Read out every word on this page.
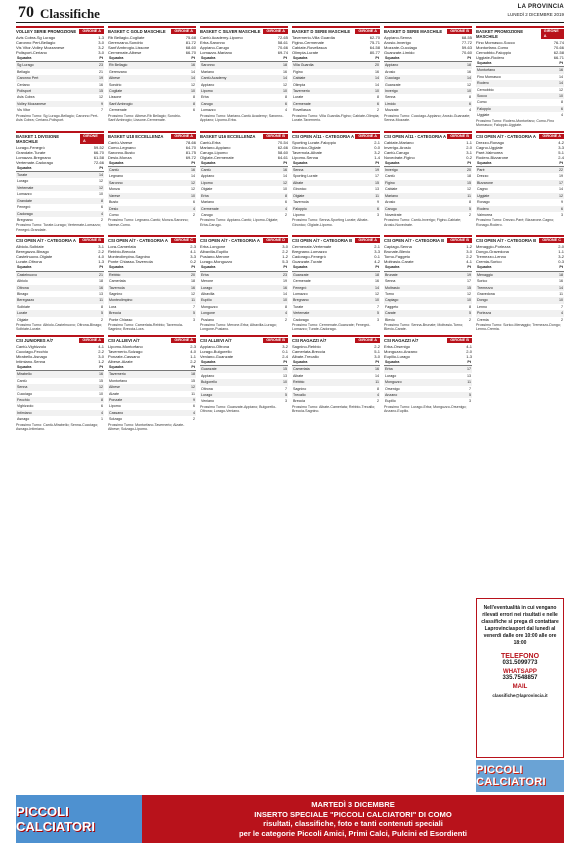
70 Classifiche	LA PROVINCIA
LUNEDÌ 2 DICEMBRE 2019
VOLLEY SERIE PROMOZIONE	GIRONE A
Avis Cobra-Sg Lurago	1-3
Caronno Pert-Bellagio	3-0
Vis Vitor-Volley Mozzanese	3-2
Polisport-Ceriano	3-0
Squadra	Pt
Sg Lurago	23
Bellagio	21
Caronno Pert	19
Ceriano	16
Polisport	15
Avis Cobra	12
Volley Mozzanese	9
Vis Vitor	7
Prossimo Turno: Sg Lurago-Bellagio; Caronno Pert-Avis Cobra; Ceriano-Polisport.
BASKET C GOLD MASCHILE	GIRONE A
Rb Bellagio-Cogliate	75-68
Gerenzano-Sondrio	81-72
Sant'Ambrogio-Lissone	68-60
Cermenate-Albese	66-70
Squadra	Pt
Rb Bellagio	16
Gerenzano	14
Albese	14
Sondrio	12
Cogliate	10
Lissone	8
Sant'Ambrogio	8
Cermenate	6
Prossimo Turno: Albese-Rb Bellagio; Sondrio-Sant'Ambrogio; Lissone-Cermenate.
BASKET C SILVER MASCHILE	GIRONE A
Cantù Academy-Lipomo	72-65
Erba-Saronno	58-61
Appiano-Carugo	70-66
Lomazzo-Mariano	69-74
Squadra	Pt
Saronno	18
Mariano	16
Cantù Academy	14
Appiano	12
Lipomo	10
Erba	8
Carugo	6
Lomazzo	4
Prossimo Turno: Mariano-Cantù Academy; Saronno-Appiano; Lipomo-Erba.
BASKET D SERIE MASCHILE	GIRONE A
Tavernerio-Villa Guardia	62-70
Figino-Cermenate	75-71
Cabiate-Rovellasca	64-58
Olimpia-Lurate	80-77
Squadra	Pt
Villa Guardia	20
Figino	16
Cabiate	14
Olimpia	14
Tavernerio	10
Lurate	8
Cermenate	6
Rovellasca	2
Prossimo Turno: Villa Guardia-Figino; Cabiate-Olimpia; Lurate-Tavernerio.
BASKET D SERIE MASCHILE	GIRONE B
Appiano-Senna	68-55
Arosio-Inverigo	77-72
Mozzate-Cucciago	59-63
Guanzate-Limido	70-60
Squadra	Pt
Appiano	18
Arosio	16
Cucciago	14
Guanzate	12
Inverigo	10
Senna	8
Limido	6
Mozzate	4
Prossimo Turno: Cucciago-Appiano; Arosio-Guanzate; Senna-Mozzate.
BASKET PROMOZIONE MASCHILE
GIRONE A
Fino Mornasco-Socco	76-74
Montorfano-Como	70-66
Cernobbio-Faloppio	62-58
Uggiate-Rodero	66-71
Squadra	Pt
Montorfano	16
Fino Mornasco	14
Rodero	14
Cernobbio	12
Socco	10
Como	8
Faloppio	6
Uggiate	4
Prossimo Turno: Rodero-Montorfano; Como-Fino Mornasco; Faloppio-Uggiate.
BASKET 1 DIVISIONE MASCHILE
GIRONE A
Lurago-Fenegrò	59-52
Grandate-Turate	66-70
Lomazzo-Bregnano	61-58
Vertemate-Cadorago	72-66
Squadra	Pt
Turate	14
Lurago	12
Vertemate	12
Lomazzo	10
Grandate	8
Fenegrò	6
Cadorago	4
Bregnano	2
Prossimo Turno: Turate-Lurago; Vertemate-Lomazzo; Fenegrò-Grandate.
BASKET U18 ECCELLENZA	GIRONE A
Cantù-Varese	78-66
Como-Legnano	64-70
Saronno-Busto	81-75
Desio-Monza	69-72
Squadra	Pt
Cantù	16
Legnano	14
Saronno	12
Monza	12
Varese	10
Busto	6
Desio	4
Como	2
Prossimo Turno: Legnano-Cantù; Monza-Saronno; Varese-Como.
BASKET U16 ECCELLENZA	GIRONE B
Cantù-Erba	70-54
Mariano-Appiano	62-66
Carugo-Lipomo	58-60
Olgiate-Cermenate	64-61
Squadra	Pt
Cantù	16
Appiano	14
Lipomo	12
Olgiate	10
Erba	8
Mariano	6
Cermenate	4
Carugo	2
Prossimo Turno: Appiano-Cantù; Lipomo-Olgiate; Erba-Carugo.
CSI OPEN A/11 - CATEGORIA A	GIRONE A
Sporting Lurate-Faloppio	2-1
Gironico-Olgiate	0-0
Tavernola-Albate	3-2
Lipomo-Senna	1-4
Squadra	Pt
Senna	19
Sporting Lurate	17
Albate	15
Gironico	13
Olgiate	11
Tavernola	9
Faloppio	6
Lipomo	3
Prossimo Turno: Senna-Sporting Lurate; Albate-Gironico; Olgiate-Lipomo.
CSI OPEN A/11 - CATEGORIA A	GIRONE B
Cabiate-Mariano	1-1
Inverigo-Arosio	2-0
Cantù-Carugo	3-1
Novedrate-Figino	0-2
Squadra	Pt
Inverigo	20
Cantù	18
Figino	15
Cabiate	12
Mariano	11
Arosio	8
Carugo	5
Novedrate	2
Prossimo Turno: Cantù-Inverigo; Figino-Cabiate; Arosio-Novedrate.
CSI OPEN A/7 - CATEGORIA A	GIRONE A
Drezzo-Ronago	4-2
Cagno-Uggiate	3-3
Parè-Valmorea	5-1
Rodero-Bizzarone	2-4
Squadra	Pt
Parè	22
Drezzo	19
Bizzarone	17
Cagno	14
Uggiate	12
Ronago	9
Rodero	6
Valmorea	3
Prossimo Turno: Drezzo-Parè; Bizzarone-Cagno; Ronago-Rodero.
CSI OPEN A/7 - CATEGORIA A	GIRONE B
Albiolo-Solbiate	3-1
Beregazzo-Binago	2-2
Castelnuovo-Olgiate	4-0
Lurate-Oltrona	1-3
Squadra	Pt
Castelnuovo	21
Albiolo	18
Oltrona	16
Binago	13
Beregazzo	11
Solbiate	8
Lurate	5
Olgiate	2
Prossimo Turno: Albiolo-Castelnuovo; Oltrona-Binago; Solbiate-Lurate.
CSI OPEN A/7 - CATEGORIA A	GIRONE C
Lora-Camerlata	2-3
Rebbio-Breccia	4-1
Monteolimpino-Sagnino	3-3
Ponte Chiasso-Tavernola	0-2
Squadra	Pt
Rebbio	20
Camerlata	18
Tavernola	16
Sagnino	12
Monteolimpino	11
Lora	7
Breccia	5
Ponte Chiasso	3
Prossimo Turno: Camerlata-Rebbio; Tavernola-Sagnino; Breccia-Lora.
CSI OPEN A/7 - CATEGORIA A	GIRONE D
Erba-Longone	3-0
Albavilla-Eupilio	2-2
Pusiano-Merone	1-2
Lurago-Monguzzo	5-3
Squadra	Pt
Erba	23
Merone	19
Lurago	16
Albavilla	14
Eupilio	10
Monguzzo	8
Longone	4
Pusiano	2
Prossimo Turno: Merone-Erba; Albavilla-Lurago; Longone-Pusiano.
CSI OPEN A/7 - CATEGORIA B	GIRONE A
Cermenate-Vertemate	2-1
Bregnano-Lomazzo	3-3
Cadorago-Fenegrò	0-1
Guanzate-Turate	4-2
Squadra	Pt
Guanzate	18
Cermenate	16
Fenegrò	14
Lomazzo	12
Bregnano	10
Turate	7
Vertemate	5
Cadorago	3
Prossimo Turno: Cermenate-Guanzate; Fenegrò-Lomazzo; Turate-Cadorago.
CSI OPEN A/7 - CATEGORIA B	GIRONE B
Capiago-Senna	1-2
Brunate-Blevio	3-0
Torno-Faggeto	2-2
Moltrasio-Carate	4-1
Squadra	Pt
Brunate	19
Senna	17
Moltrasio	15
Torno	12
Capiago	10
Faggeto	8
Carate	5
Blevio	2
Prossimo Turno: Senna-Brunate; Moltrasio-Torno; Blevio-Carate.
CSI OPEN A/7 - CATEGORIA B	GIRONE C
Menaggio-Porlezza	2-0
Dongo-Gravedona	1-1
Tremezzo-Lenno	3-2
Cremia-Sorico	0-3
Squadra	Pt
Menaggio	18
Sorico	16
Tremezzo	14
Gravedona	11
Dongo	10
Lenno	7
Porlezza	4
Cremia	2
Prossimo Turno: Sorico-Menaggio; Tremezzo-Dongo; Lenno-Cremia.
CSI JUNIORES A/7	GIRONE A
Cantù-Vighizzolo	4-1
Cucciago-Fecchio	2-2
Mirabello-Asnago	3-0
Intimiano-Senna	1-2
Squadra	Pt
Mirabello	16
Cantù	15
Senna	12
Cucciago	10
Fecchio	8
Vighizzolo	6
Intimiano	4
Asnago	1
Prossimo Turno: Cantù-Mirabello; Senna-Cucciago; Asnago-Intimiano.
CSI ALLIEVI A/7	GIRONE A
Lipomo-Montorfano	2-3
Tavernerio-Solzago	4-0
Ponzate-Cassano	1-1
Albese-Alzate	2-2
Squadra	Pt
Tavernerio	18
Montorfano	15
Albese	12
Alzate	11
Ponzate	9
Lipomo	6
Cassano	4
Solzago	2
Prossimo Turno: Montorfano-Tavernerio; Alzate-Albese; Solzago-Lipomo.
CSI ALLIEVI A/7	GIRONE B
Appiano-Oltrona	3-2
Lurago-Bulgorello	0-1
Veniano-Guanzate	2-4
Squadra	Pt
Guanzate	15
Appiano	13
Bulgorello	10
Oltrona	7
Lurago	5
Veniano	3
Prossimo Turno: Guanzate-Appiano; Bulgorello-Oltrona; Lurago-Veniano.
CSI RAGAZZI A/7	GIRONE A
Sagnino-Rebbio	2-2
Camerlata-Breccia	5-1
Albate-Trecallo	3-0
Squadra	Pt
Camerlata	16
Albate	14
Rebbio	11
Sagnino	8
Trecallo	4
Breccia	2
Prossimo Turno: Albate-Camerlata; Rebbio-Trecallo; Breccia-Sagnino.
CSI RAGAZZI A/7	GIRONE B
Erba-Orsenigo	4-1
Monguzzo-Anzano	2-0
Eupilio-Lurago	1-3
Squadra	Pt
Erba	17
Lurago	13
Monguzzo	11
Orsenigo	7
Anzano	5
Eupilio	3
Prossimo Turno: Lurago-Erba; Monguzzo-Orsenigo; Anzano-Eupilio.
Nell'eventualità in cui vengano rilevati errori nei risultati e nelle classifiche si prega di contattare Laprovinciasport dal lunedì al venerdì dalle ore 10:00 alle ore 18:00
TELEFONO
031.5099773
WHATSAPP
335.7548857
MAIL
classifiche@laprovincia.it
PICCOLI CALCIATORI
PICCOLI CALCIATORI
MARTEDÌ 3 DICEMBRE
INSERTO SPECIALE "PICCOLI CALCIATORI" DI COMO
risultati, classifiche, foto e tanti contenuti speciali
per le categorie Piccoli Amici, Primi Calci, Pulcini ed Esordienti
